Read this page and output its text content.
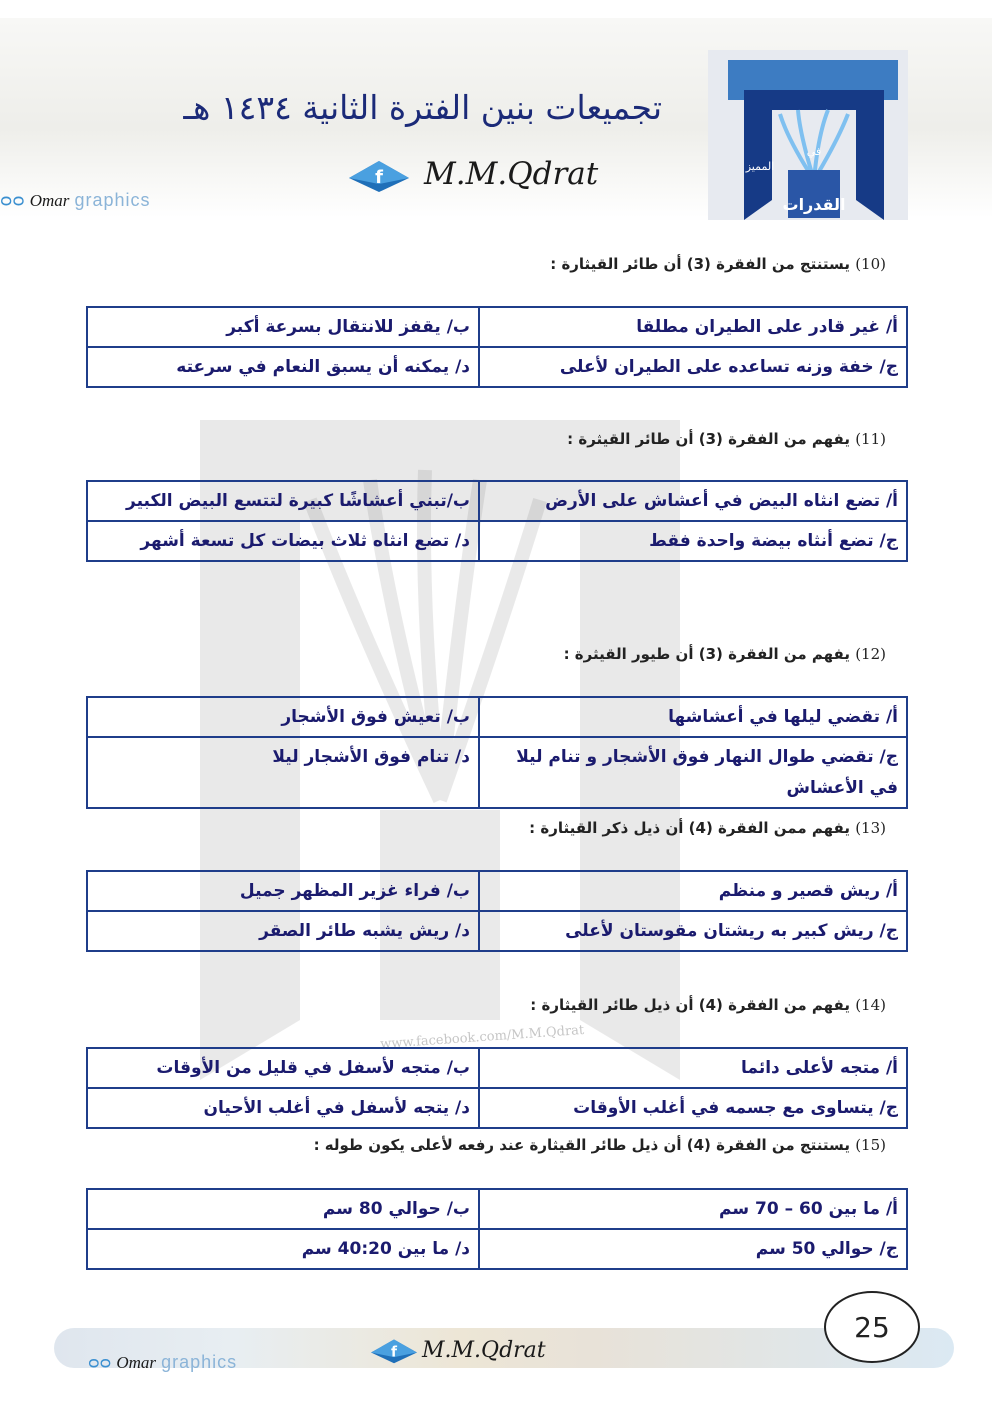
www.facebook.com/M.M.Qdrat
تجميعات بنين الفترة الثانية ١٤٣٤ هـ
f M.M.Qdrat
القدرات
المميز
في
ᴑᴑ Omar graphics
(10) يستنتج من الفقرة (3) أن طائر القيثارة :
أ/ غير قادر على الطيران مطلقا	ب/ يقفز للانتقال بسرعة أكبر
ج/ خفة وزنه تساعده على الطيران لأعلى	د/ يمكنه أن يسبق النعام في سرعته
(11) يفهم من الفقرة (3) أن طائر القيثرة :
أ/ تضع انثاه البيض في أعشاش على الأرض	ب/تبني أعشاشًا كبيرة لتتسع البيض الكبير
ج/ تضع أنثاه بيضة واحدة فقط	د/ تضع انثاه ثلاث بيضات كل تسعة أشهر
(12) يفهم من الفقرة (3) أن طيور القيثرة :
أ/ تقضي ليلها في أعشاشها	ب/ تعيش فوق الأشجار
ج/ تقضي طوال النهار فوق الأشجار و تنام ليلا في الأعشاش	د/ تنام فوق الأشجار ليلا
(13) يفهم ممن الفقرة (4) أن ذيل ذكر القيثارة :
أ/ ريش قصير و منظم	ب/ فراء غزير المظهر جميل
ج/ ريش كبير به ريشتان مقوستان لأعلى	د/ ريش يشبه طائر الصقر
(14) يفهم من الفقرة (4) أن ذيل طائر القيثارة :
أ/ متجه لأعلى دائما	ب/ متجه لأسفل في قليل من الأوقات
ج/ يتساوى مع جسمه في أغلب الأوقات	د/ يتجه لأسفل في أغلب الأحيان
(15) يستنتج من الفقرة (4) أن ذيل طائر القيثارة عند رفعه لأعلى يكون طوله :
أ/ ما بين 60 – 70 سم	ب/ حوالي 80 سم
ج/ حوالي 50 سم	د/ ما بين 40:20 سم
ᴑᴑ Omar graphics	f M.M.Qdrat
25
